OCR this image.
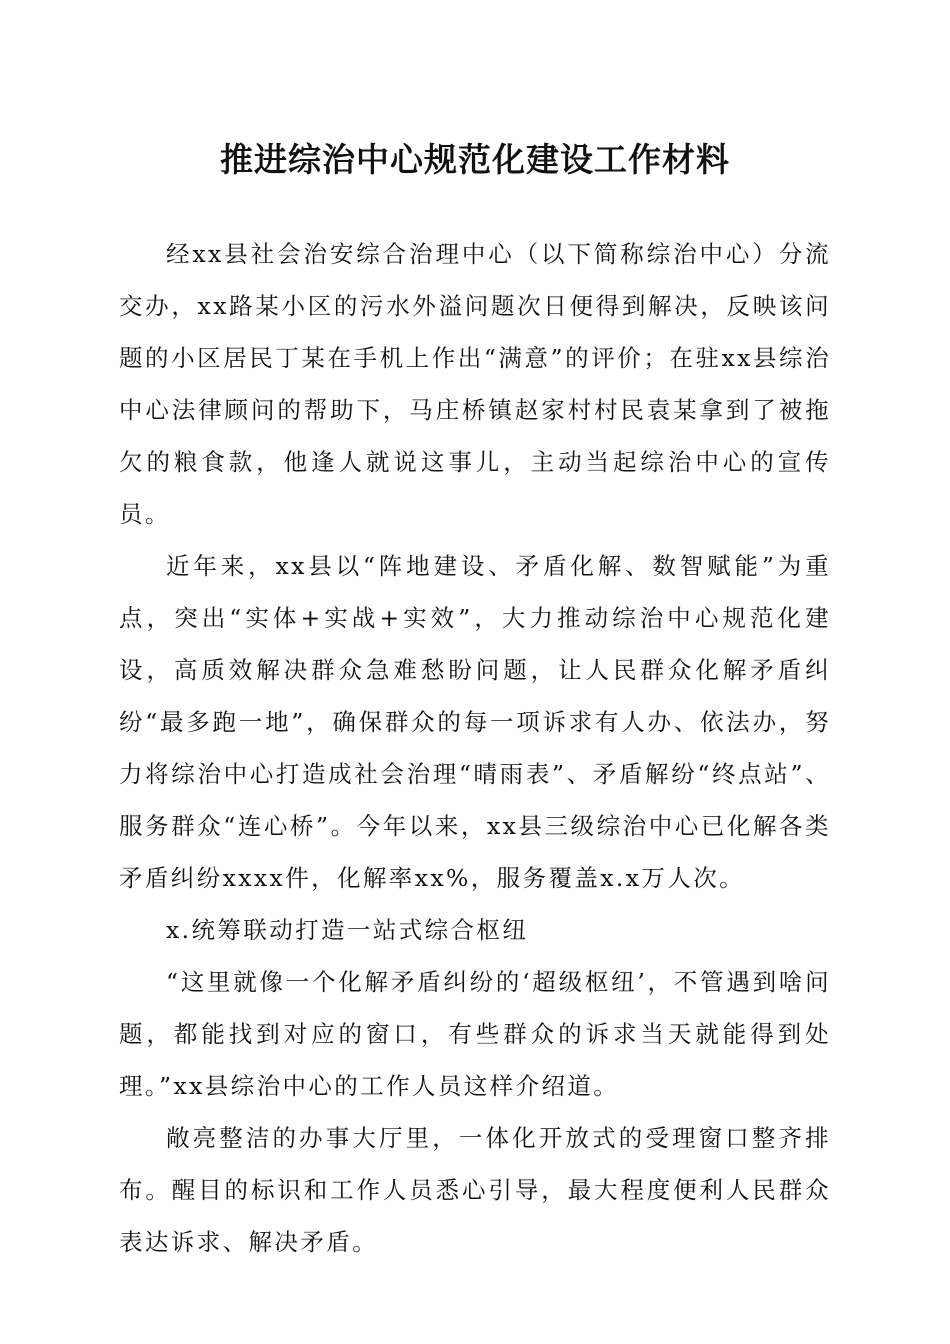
推进综治中心规范化建设工作材料

经xx县社会治安综合治理中心（以下简称综治中心）分流交办，xx路某小区的污水外溢问题次日便得到解决，反映该问题的小区居民丁某在手机上作出“满意”的评价；在驻xx县综治中心法律顾问的帮助下，马庄桥镇赵家村村民袁某拿到了被拖欠的粮食款，他逢人就说这事儿，主动当起综治中心的宣传员。

近年来，xx县以“阵地建设、矛盾化解、数智赋能”为重点，突出“实体+实战+实效”，大力推动综治中心规范化建设，高质效解决群众急难愁盼问题，让人民群众化解矛盾纠纷“最多跑一地”，确保群众的每一项诉求有人办、依法办，努力将综治中心打造成社会治理“晴雨表”、矛盾解纷“终点站”、服务群众“连心桥”。今年以来，xx县三级综治中心已化解各类矛盾纠纷xxxx件，化解率xx%，服务覆盖x.x万人次。

x.统筹联动打造一站式综合枢纽

“这里就像一个化解矛盾纠纷的‘超级枢纽’，不管遇到啥问题，都能找到对应的窗口，有些群众的诉求当天就能得到处理。”xx县综治中心的工作人员这样介绍道。

敞亮整洁的办事大厅里，一体化开放式的受理窗口整齐排布。醒目的标识和工作人员悉心引导，最大程度便利人民群众表达诉求、解决矛盾。
